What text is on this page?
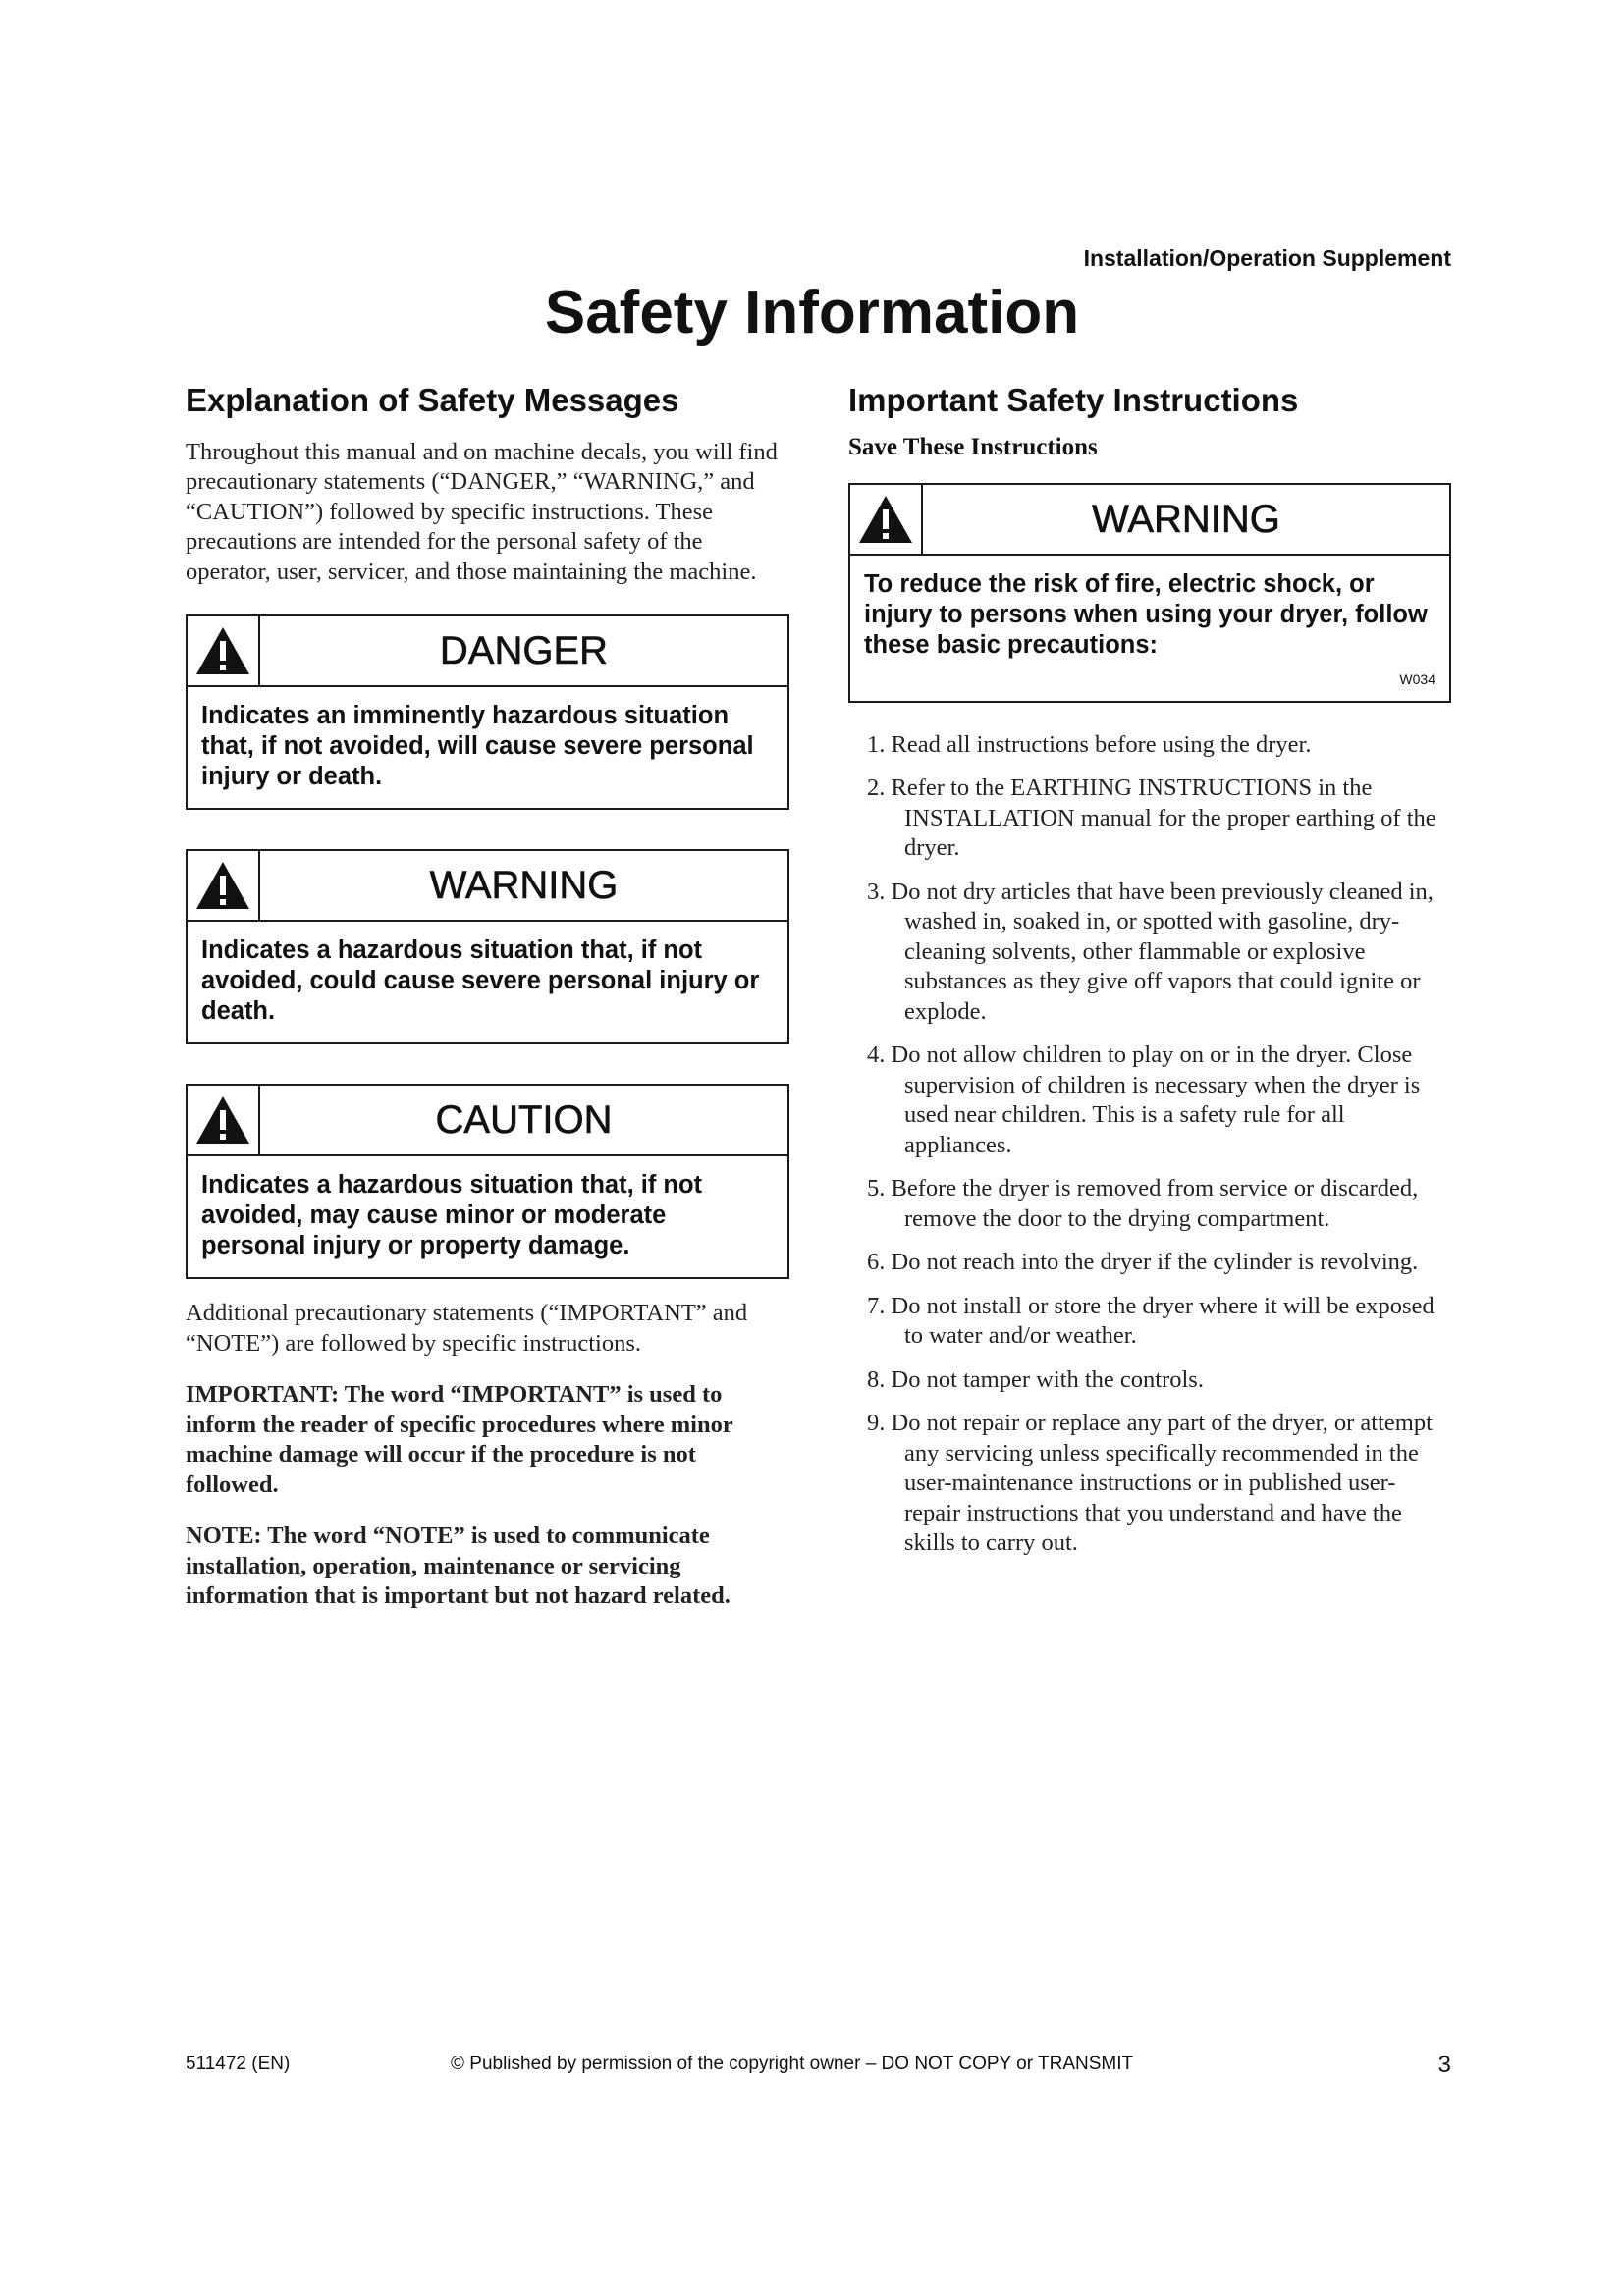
Installation/Operation Supplement
Safety Information
Explanation of Safety Messages

Throughout this manual and on machine decals, you will find precautionary statements (“DANGER,” “WARNING,” and “CAUTION”) followed by specific instructions. These precautions are intended for the personal safety of the operator, user, servicer, and those maintaining the machine.

DANGER
Indicates an imminently hazardous situation that, if not avoided, will cause severe personal injury or death.
WARNING
Indicates a hazardous situation that, if not avoided, could cause severe personal injury or death.
CAUTION
Indicates a hazardous situation that, if not avoided, may cause minor or moderate personal injury or property damage.

Additional precautionary statements (“IMPORTANT” and “NOTE”) are followed by specific instructions.

IMPORTANT: The word “IMPORTANT” is used to inform the reader of specific procedures where minor machine damage will occur if the procedure is not followed.

NOTE: The word “NOTE” is used to communicate installation, operation, maintenance or servicing information that is important but not hazard related.

Important Safety Instructions
Save These Instructions
WARNING
To reduce the risk of fire, electric shock, or injury to persons when using your dryer, follow these basic precautions:
W034
1. Read all instructions before using the dryer.
2. Refer to the EARTHING INSTRUCTIONS in the INSTALLATION manual for the proper earthing of the dryer.
3. Do not dry articles that have been previously cleaned in, washed in, soaked in, or spotted with gasoline, dry-cleaning solvents, other flammable or explosive substances as they give off vapors that could ignite or explode.
4. Do not allow children to play on or in the dryer. Close supervision of children is necessary when the dryer is used near children. This is a safety rule for all appliances.
5. Before the dryer is removed from service or discarded, remove the door to the drying compartment.
6. Do not reach into the dryer if the cylinder is revolving.
7. Do not install or store the dryer where it will be exposed to water and/or weather.
8. Do not tamper with the controls.
9. Do not repair or replace any part of the dryer, or attempt any servicing unless specifically recommended in the user-maintenance instructions or in published user-repair instructions that you understand and have the skills to carry out.
511472 (EN)	© Published by permission of the copyright owner – DO NOT COPY or TRANSMIT	3
